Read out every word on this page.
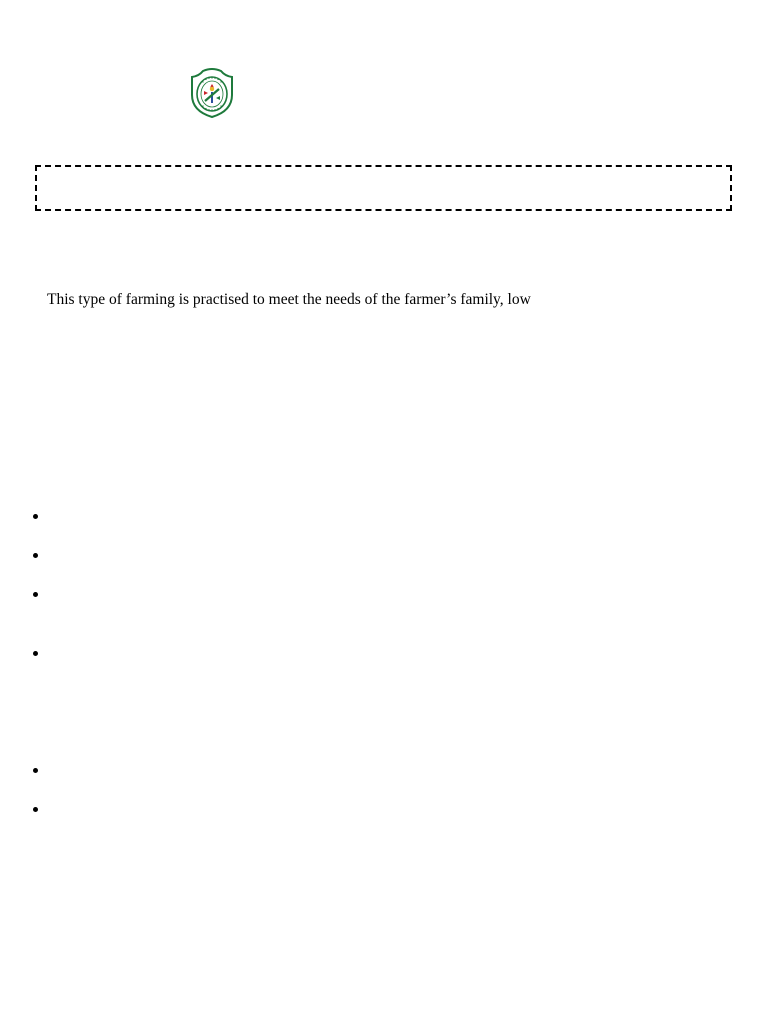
This type of farming is practised to meet the needs of the farmer’s family, low
